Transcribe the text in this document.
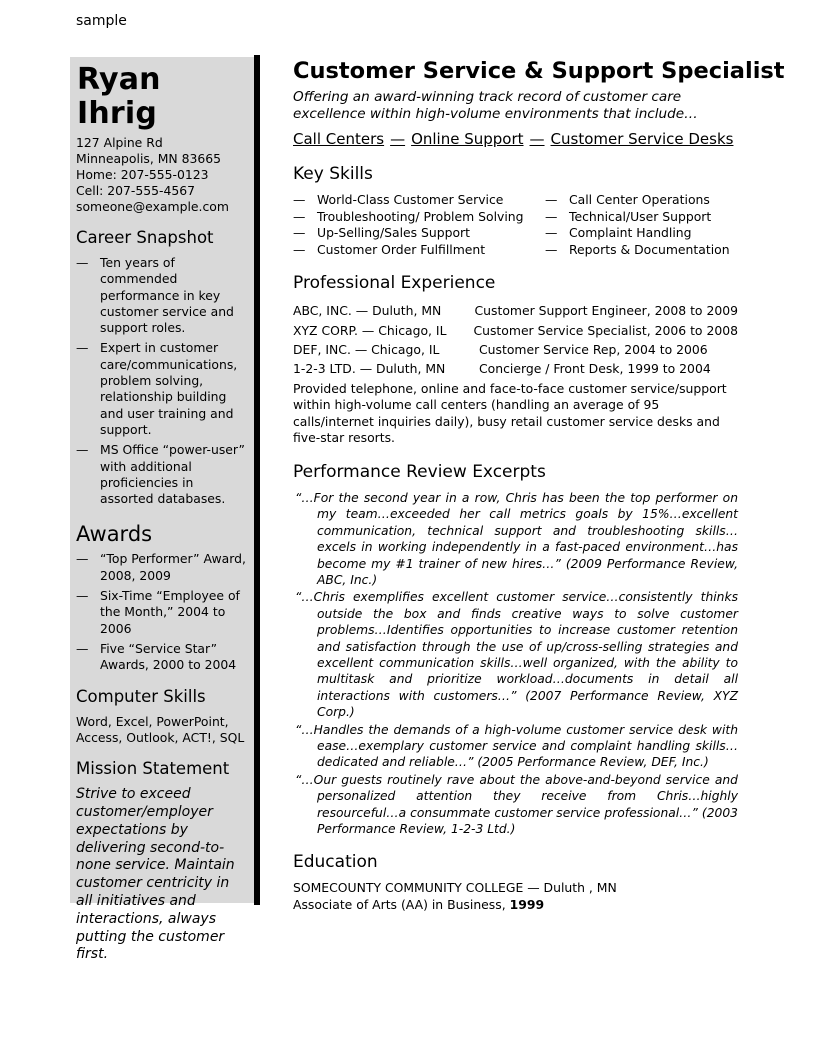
sample
Ryan Ihrig
127 Alpine Rd
Minneapolis, MN 83665
Home: 207-555-0123
Cell: 207-555-4567
someone@example.com
Career Snapshot
— Ten years of commended performance in key customer service and support roles.
— Expert in customer care/communications, problem solving, relationship building and user training and support.
— MS Office “power-user” with additional proficiencies in assorted databases.
Awards
— “Top Performer” Award, 2008, 2009
— Six-Time “Employee of the Month,” 2004 to 2006
— Five “Service Star” Awards, 2000 to 2004
Computer Skills
Word, Excel, PowerPoint, Access, Outlook, ACT!, SQL
Mission Statement
Strive to exceed customer/employer expectations by delivering second-to-none service. Maintain customer centricity in all initiatives and interactions, always putting the customer first.
Customer Service & Support Specialist
Offering an award-winning track record of customer care excellence within high-volume environments that include…
Call Centers — Online Support — Customer Service Desks
Key Skills
— World-Class Customer Service
— Troubleshooting/ Problem Solving
— Up-Selling/Sales Support
— Customer Order Fulfillment
— Call Center Operations
— Technical/User Support
— Complaint Handling
— Reports & Documentation
Professional Experience
ABC, INC. — Duluth, MN	Customer Support Engineer, 2008 to 2009
XYZ CORP. — Chicago, IL	Customer Service Specialist, 2006 to 2008
DEF, INC. — Chicago, IL	Customer Service Rep, 2004 to 2006
1-2-3 LTD. — Duluth, MN	Concierge / Front Desk, 1999 to 2004
Provided telephone, online and face-to-face customer service/support within high-volume call centers (handling an average of 95 calls/internet inquiries daily), busy retail customer service desks and five-star resorts.
Performance Review Excerpts
“…For the second year in a row, Chris has been the top performer on my team…exceeded her call metrics goals by 15%…excellent communication, technical support and troubleshooting skills…excels in working independently in a fast-paced environment…has become my #1 trainer of new hires…” (2009 Performance Review, ABC, Inc.)
“…Chris exemplifies excellent customer service…consistently thinks outside the box and finds creative ways to solve customer problems…Identifies opportunities to increase customer retention and satisfaction through the use of up/cross-selling strategies and excellent communication skills…well organized, with the ability to multitask and prioritize workload…documents in detail all interactions with customers…” (2007 Performance Review, XYZ Corp.)
“…Handles the demands of a high-volume customer service desk with ease…exemplary customer service and complaint handling skills…dedicated and reliable…” (2005 Performance Review, DEF, Inc.)
“…Our guests routinely rave about the above-and-beyond service and personalized attention they receive from Chris…highly resourceful…a consummate customer service professional…” (2003 Performance Review, 1-2-3 Ltd.)
Education
SOMECOUNTY COMMUNITY COLLEGE — Duluth , MN
Associate of Arts (AA) in Business, 1999
